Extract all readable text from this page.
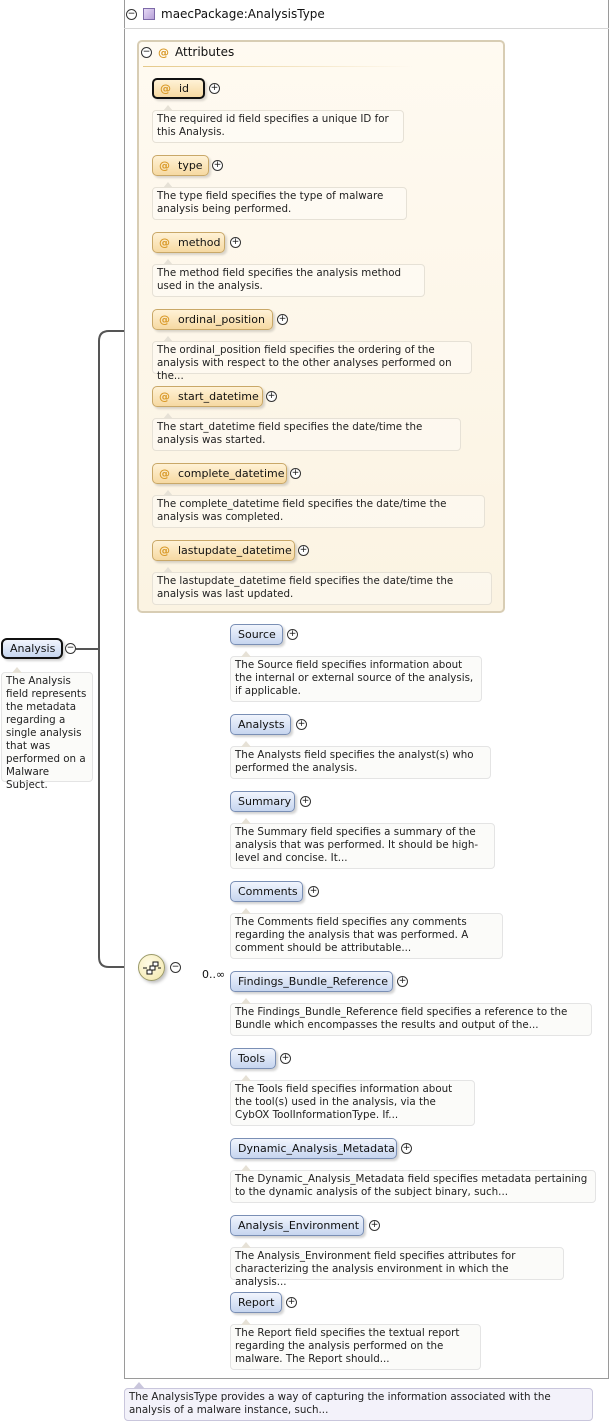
− maecPackage:AnalysisType
− @ Attributes
@ id +
The required id field specifies a unique ID for this Analysis.
@ type +
The type field specifies the type of malware analysis being performed.
@ method +
The method field specifies the analysis method used in the analysis.
@ ordinal_position +
The ordinal_position field specifies the ordering of the analysis with respect to the other analyses performed on the...
@ start_datetime +
The start_datetime field specifies the date/time the analysis was started.
@ complete_datetime +
The complete_datetime field specifies the date/time the analysis was completed.
@ lastupdate_datetime +
The lastupdate_datetime field specifies the date/time the analysis was last updated.
Analysis −
The Analysis field represents the metadata regarding a single analysis that was performed on a Malware Subject.
−
0..∞
Source +
The Source field specifies information about the internal or external source of the analysis, if applicable.
Analysts +
The Analysts field specifies the analyst(s) who performed the analysis.
Summary +
The Summary field specifies a summary of the analysis that was performed. It should be high-level and concise. It...
Comments +
The Comments field specifies any comments regarding the analysis that was performed. A comment should be attributable...
Findings_Bundle_Reference +
The Findings_Bundle_Reference field specifies a reference to the Bundle which encompasses the results and output of the...
Tools +
The Tools field specifies information about the tool(s) used in the analysis, via the CybOX ToolInformationType. If...
Dynamic_Analysis_Metadata +
The Dynamic_Analysis_Metadata field specifies metadata pertaining to the dynamic analysis of the subject binary, such...
Analysis_Environment +
The Analysis_Environment field specifies attributes for characterizing the analysis environment in which the analysis...
Report +
The Report field specifies the textual report regarding the analysis performed on the malware. The Report should...
The AnalysisType provides a way of capturing the information associated with the analysis of a malware instance, such...
